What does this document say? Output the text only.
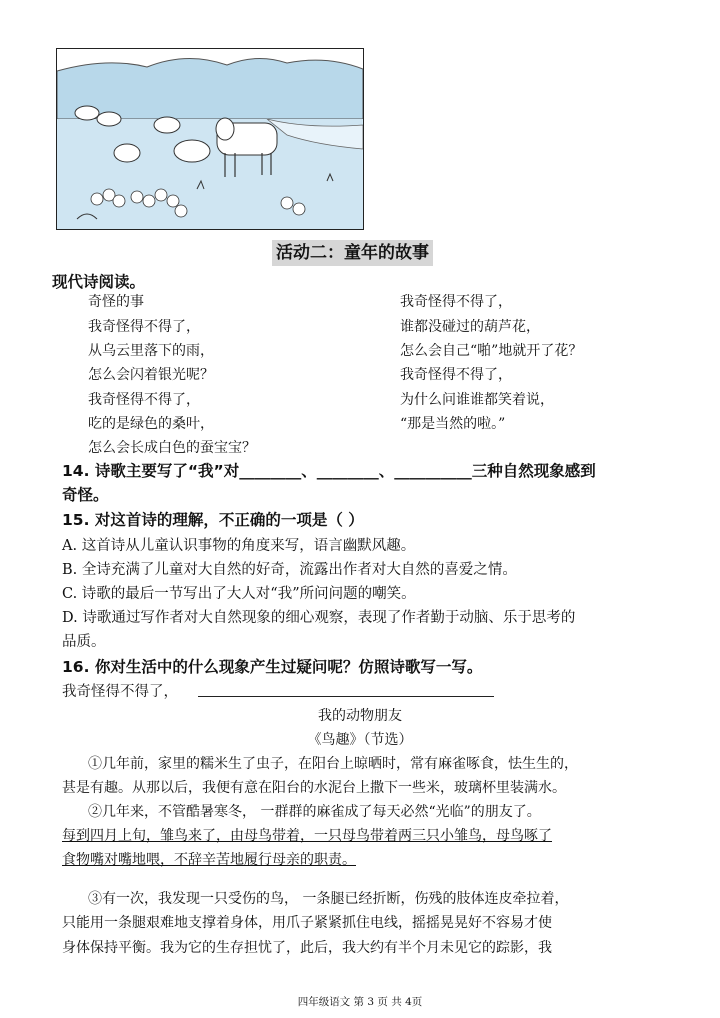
活动二：童年的故事
现代诗阅读。
奇怪的事
我奇怪得不得了，
从乌云里落下的雨，
怎么会闪着银光呢？
我奇怪得不得了，
吃的是绿色的桑叶，
怎么会长成白色的蚕宝宝？
我奇怪得不得了，
谁都没碰过的葫芦花，
怎么会自己“啪”地就开了花？
我奇怪得不得了，
为什么问谁谁都笑着说，
“那是当然的啦。”
14. 诗歌主要写了“我”对________、________、__________三种自然现象感到
奇怪。
15. 对这首诗的理解，不正确的一项是（ ）
A. 这首诗从儿童认识事物的角度来写，语言幽默风趣。
B. 全诗充满了儿童对大自然的好奇，流露出作者对大自然的喜爱之情。
C. 诗歌的最后一节写出了大人对“我”所问问题的嘲笑。
D. 诗歌通过写作者对大自然现象的细心观察，表现了作者勤于动脑、乐于思考的
品质。
16. 你对生活中的什么现象产生过疑问呢？仿照诗歌写一写。
我奇怪得不得了，
我的动物朋友
《鸟趣》（节选）
①几年前，家里的糯米生了虫子，在阳台上晾晒时，常有麻雀啄食，怯生生的，
甚是有趣。从那以后，我便有意在阳台的水泥台上撒下一些米，玻璃杯里装满水。
②几年来，不管酷暑寒冬， 一群群的麻雀成了每天必然“光临”的朋友了。
每到四月上旬，雏鸟来了，由母鸟带着，一只母鸟带着两三只小雏鸟，母鸟啄了
食物嘴对嘴地喂，不辞辛苦地履行母亲的职责。
③有一次，我发现一只受伤的鸟， 一条腿已经折断，伤残的肢体连皮牵拉着，
只能用一条腿艰难地支撑着身体，用爪子紧紧抓住电线，摇摇晃晃好不容易才使
身体保持平衡。我为它的生存担忧了，此后，我大约有半个月未见它的踪影，我
四年级语文 第 3 页 共 4页
